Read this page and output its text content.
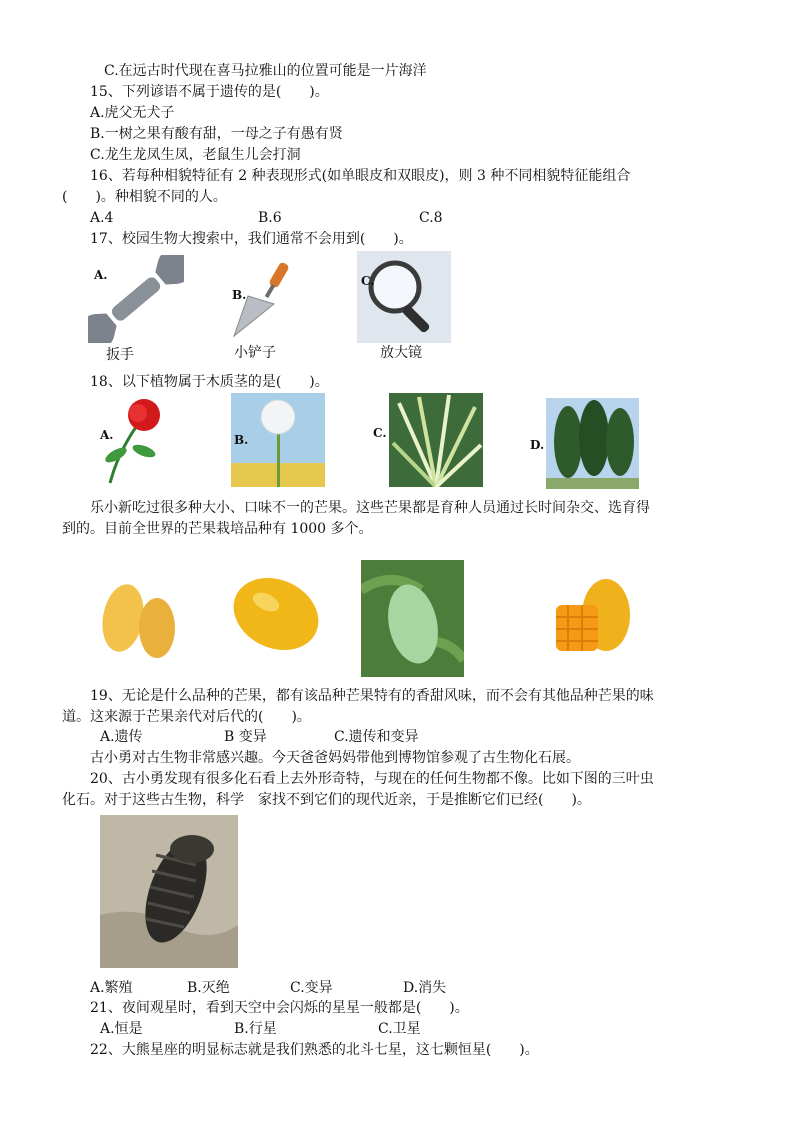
C.在远古时代现在喜马拉雅山的位置可能是一片海洋
15、下列谚语不属于遗传的是(　　)。
A.虎父无犬子
B.一树之果有酸有甜，一母之子有愚有贤
C.龙生龙凤生凤，老鼠生儿会打洞
16、若每种相貌特征有 2 种表现形式(如单眼皮和双眼皮)，则 3 种不同相貌特征能组合
(　　)。种相貌不同的人。
A.4	B.6	C.8
17、校园生物大搜索中，我们通常不会用到(　　)。
A.
B.
C.
扳手	小铲子	放大镜
18、以下植物属于木质茎的是(　　)。
A.	B.	C.
D.
乐小新吃过很多种大小、口味不一的芒果。这些芒果都是育种人员通过长时间杂交、选育得
到的。目前全世界的芒果栽培品种有 1000 多个。
19、无论是什么品种的芒果，都有该品种芒果特有的香甜风味，而不会有其他品种芒果的味
道。这来源于芒果亲代对后代的(　　)。
A.遗传	B 变异	C.遗传和变异
古小勇对古生物非常感兴趣。今天爸爸妈妈带他到博物馆参观了古生物化石展。
20、古小勇发现有很多化石看上去外形奇特，与现在的任何生物都不像。比如下图的三叶虫
化石。对于这些古生物，科学　家找不到它们的现代近亲，于是推断它们已经(　　)。
A.繁殖	B.灭绝	C.变异	D.消失
21、夜间观星时，看到天空中会闪烁的星星一般都是(　　)。
A.恒是	B.行星	C.卫星
22、大熊星座的明显标志就是我们熟悉的北斗七星，这七颗恒星(　　)。
